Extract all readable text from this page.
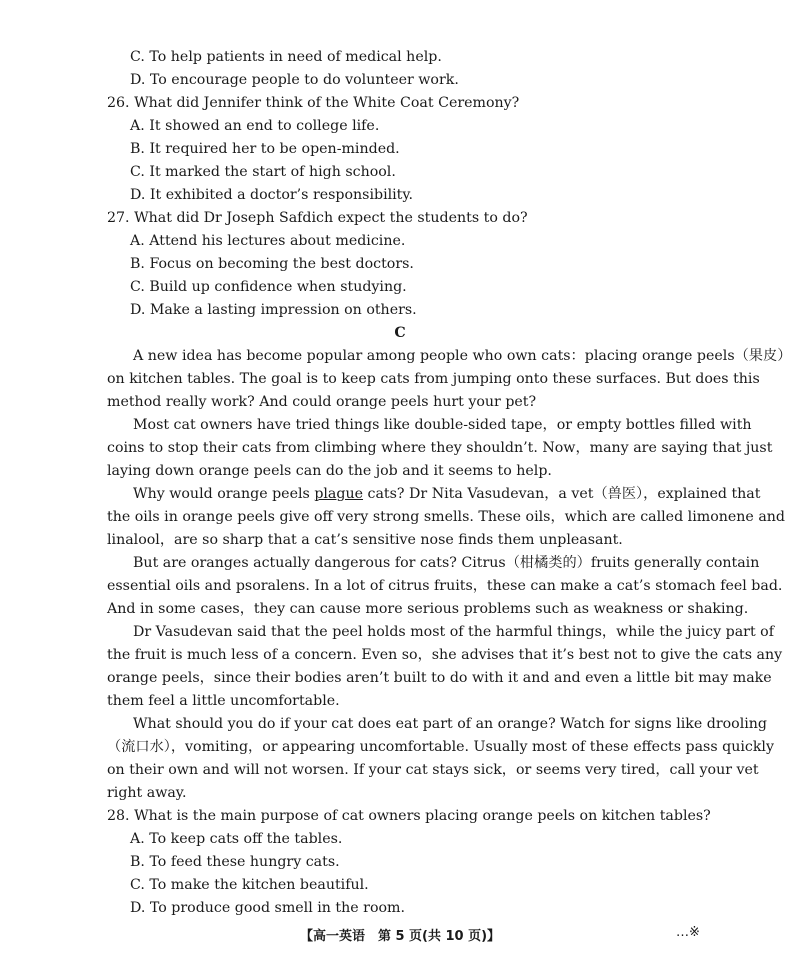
C. To help patients in need of medical help.
D. To encourage people to do volunteer work.
26. What did Jennifer think of the White Coat Ceremony?
A. It showed an end to college life.
B. It required her to be open-minded.
C. It marked the start of high school.
D. It exhibited a doctor’s responsibility.
27. What did Dr Joseph Safdich expect the students to do?
A. Attend his lectures about medicine.
B. Focus on becoming the best doctors.
C. Build up confidence when studying.
D. Make a lasting impression on others.
C
A new idea has become popular among people who own cats：placing orange peels（果皮）
on kitchen tables. The goal is to keep cats from jumping onto these surfaces. But does this
method really work? And could orange peels hurt your pet?
Most cat owners have tried things like double-sided tape，or empty bottles filled with
coins to stop their cats from climbing where they shouldn’t. Now，many are saying that just
laying down orange peels can do the job and it seems to help.
Why would orange peels plague cats? Dr Nita Vasudevan，a vet（兽医），explained that
the oils in orange peels give off very strong smells. These oils，which are called limonene and
linalool，are so sharp that a cat’s sensitive nose finds them unpleasant.
But are oranges actually dangerous for cats? Citrus（柑橘类的）fruits generally contain
essential oils and psoralens. In a lot of citrus fruits，these can make a cat’s stomach feel bad.
And in some cases，they can cause more serious problems such as weakness or shaking.
Dr Vasudevan said that the peel holds most of the harmful things，while the juicy part of
the fruit is much less of a concern. Even so，she advises that it’s best not to give the cats any
orange peels，since their bodies aren’t built to do with it and and even a little bit may make
them feel a little uncomfortable.
What should you do if your cat does eat part of an orange? Watch for signs like drooling
（流口水），vomiting，or appearing uncomfortable. Usually most of these effects pass quickly
on their own and will not worsen. If your cat stays sick，or seems very tired，call your vet
right away.
28. What is the main purpose of cat owners placing orange peels on kitchen tables?
A. To keep cats off the tables.
B. To feed these hungry cats.
C. To make the kitchen beautiful.
D. To produce good smell in the room.
【高一英语　第 5 页(共 10 页)】	…※
